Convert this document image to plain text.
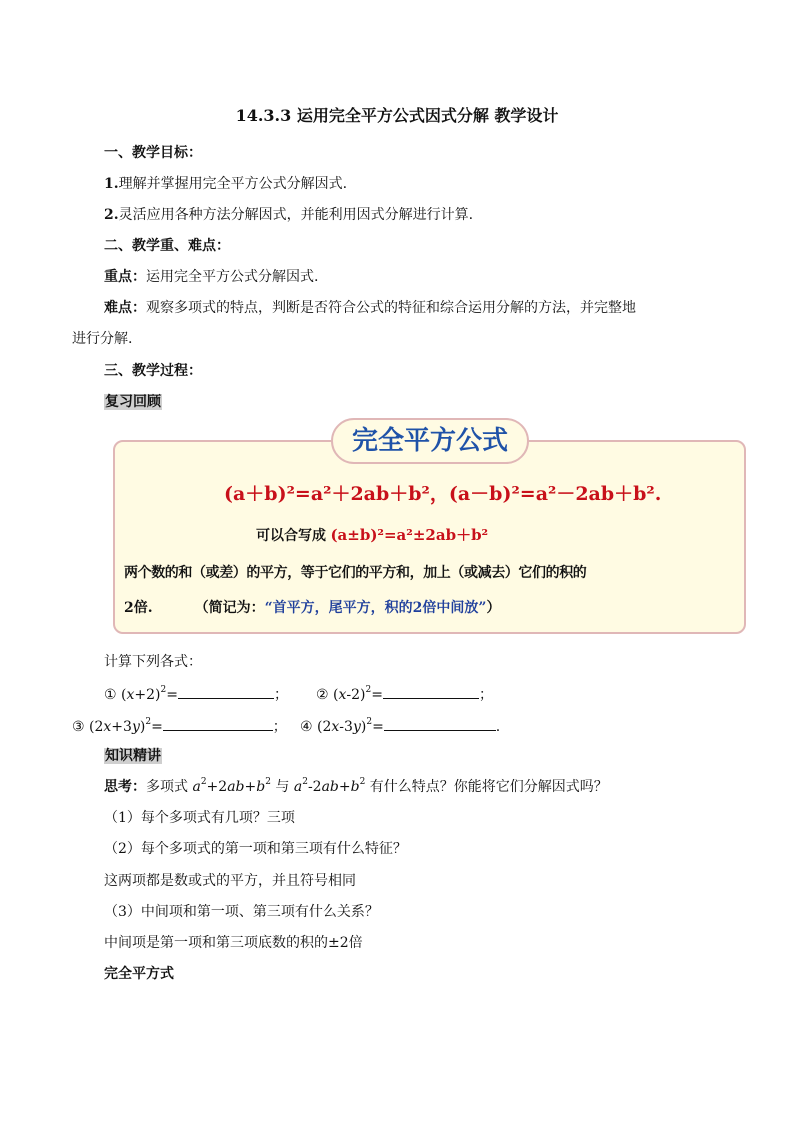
14.3.3 运用完全平方公式因式分解 教学设计
一、教学目标：
1.理解并掌握用完全平方公式分解因式.
2.灵活应用各种方法分解因式，并能利用因式分解进行计算.
二、教学重、难点：
重点：运用完全平方公式分解因式.
难点：观察多项式的特点，判断是否符合公式的特征和综合运用分解的方法，并完整地
进行分解.
三、教学过程：
复习回顾
完全平方公式
(a＋b)²=a²＋2ab＋b²，(a－b)²=a²－2ab＋b².
可以合写成 (a±b)²=a²±2ab＋b²
两个数的和（或差）的平方，等于它们的平方和，加上（或减去）它们的积的
2倍.	（简记为：“首平方，尾平方，积的2倍中间放”）
计算下列各式：
① $(x+2)^2=$	； ② $(x-2)^2=$	；
③ $(2x+3y)^2=$	； ④ $(2x-3y)^2=$	.
知识精讲
思考：多项式 $a^2+2ab+b^2$ 与 $a^2-2ab+b^2$ 有什么特点？你能将它们分解因式吗？
（1）每个多项式有几项？三项
（2）每个多项式的第一项和第三项有什么特征？
这两项都是数或式的平方，并且符号相同
（3）中间项和第一项、第三项有什么关系？
中间项是第一项和第三项底数的积的±2倍
完全平方式
